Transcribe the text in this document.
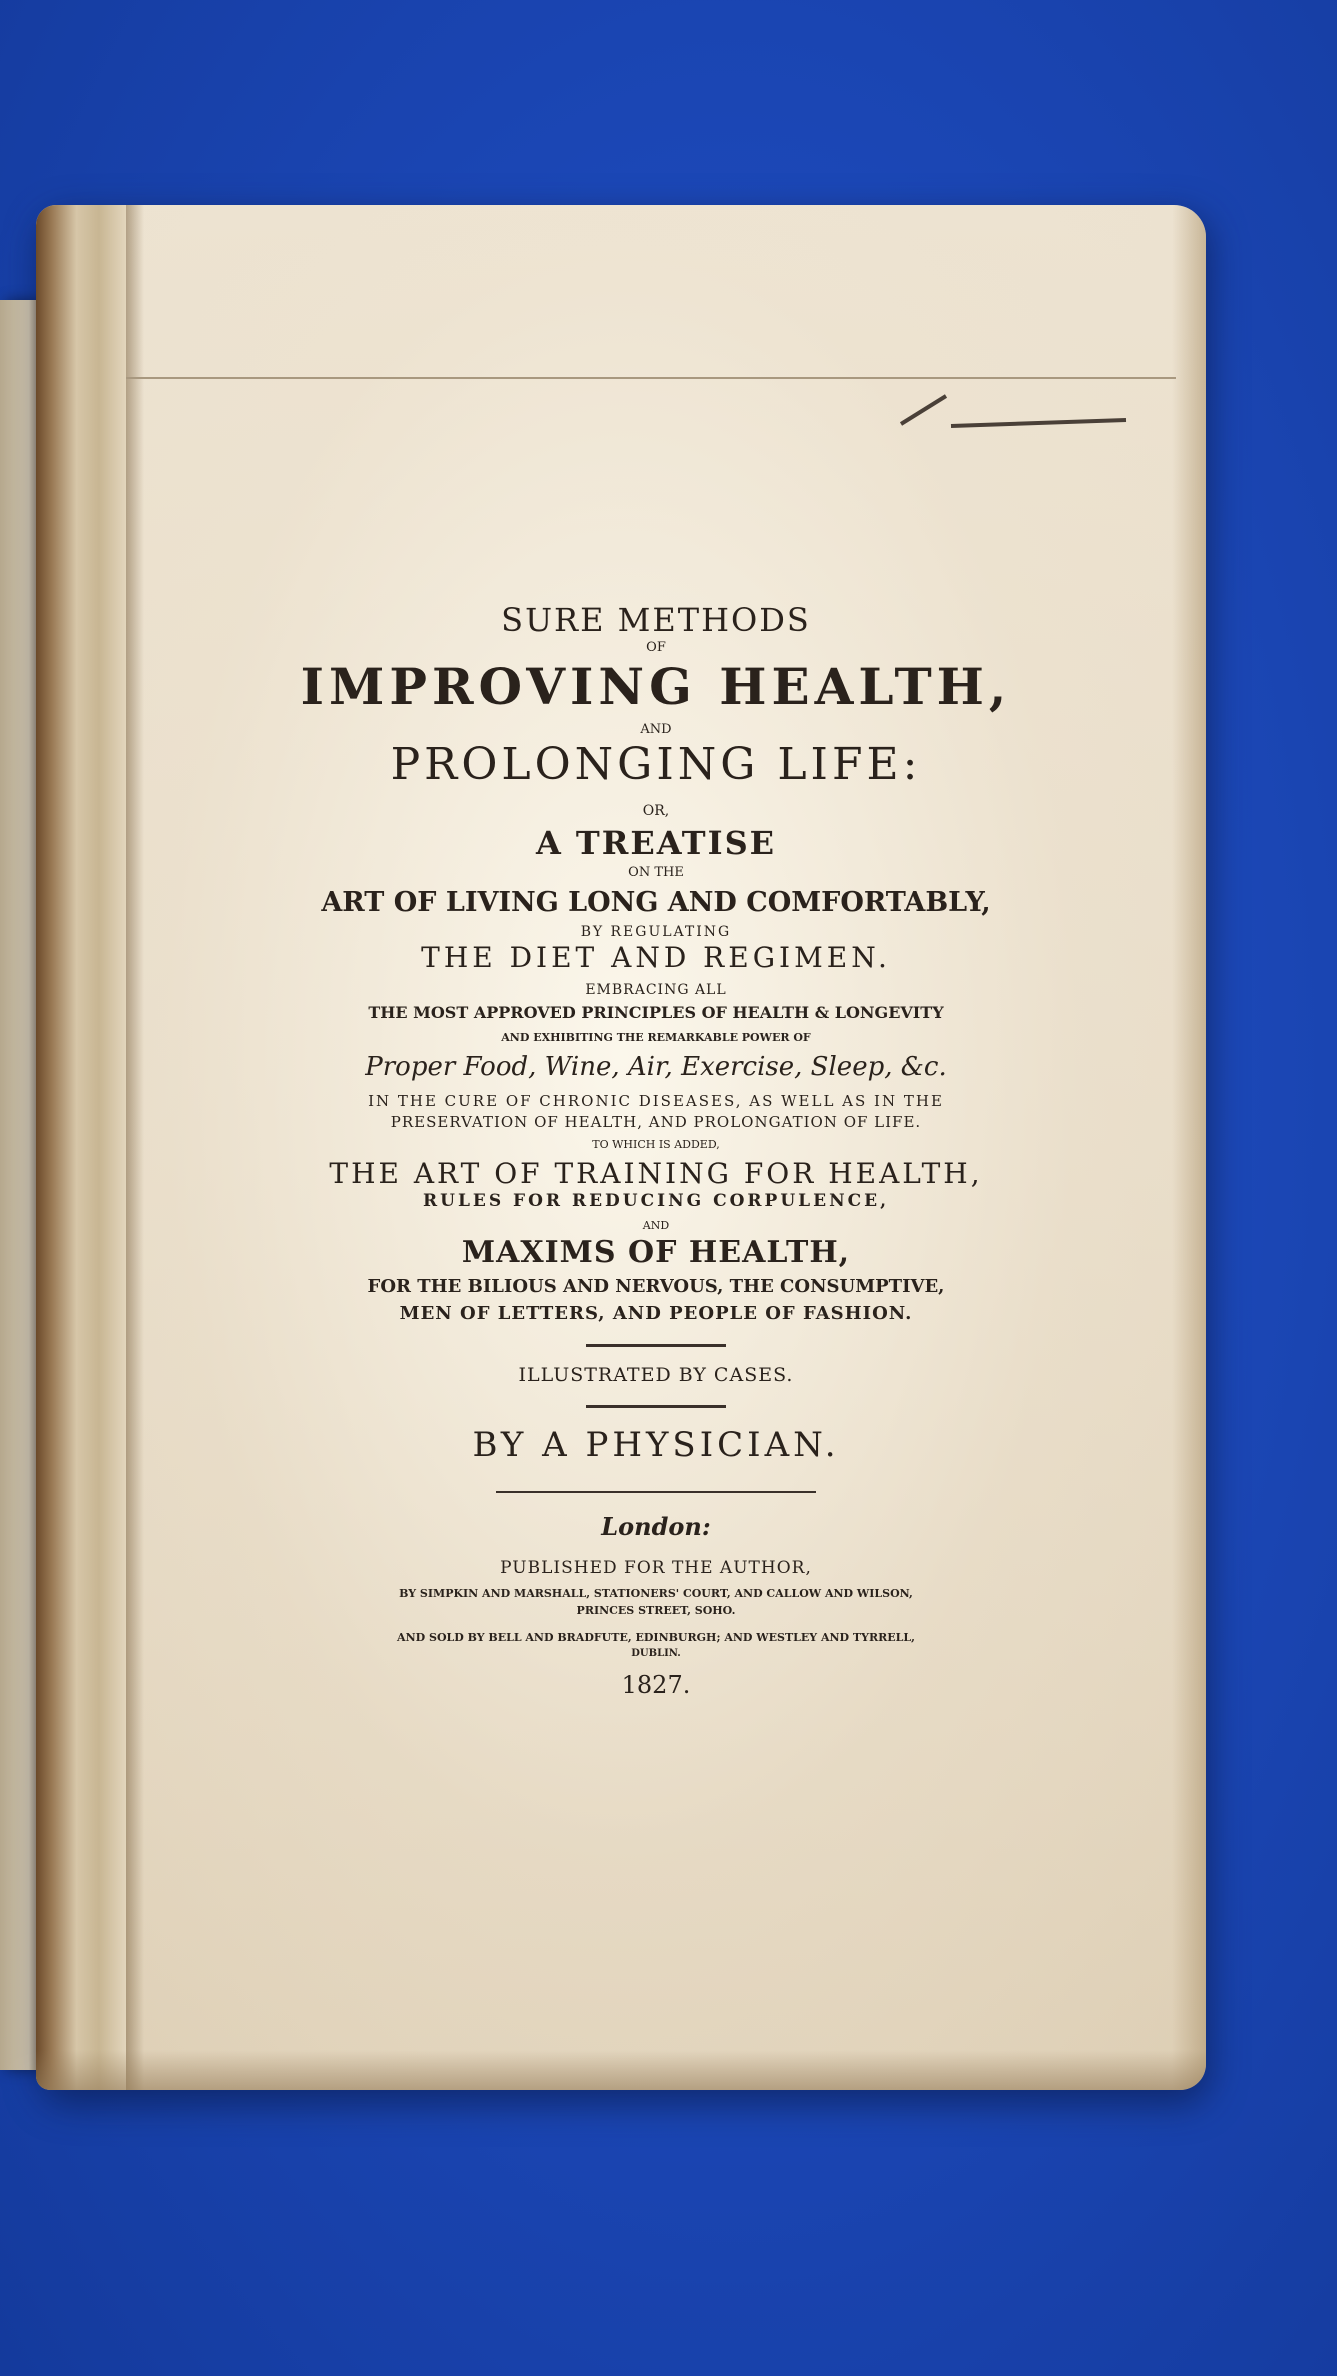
SURE METHODS
OF
IMPROVING HEALTH,
AND
PROLONGING LIFE:
OR,
A TREATISE
ON THE
ART OF LIVING LONG AND COMFORTABLY,
BY REGULATING
THE DIET AND REGIMEN.
EMBRACING ALL
THE MOST APPROVED PRINCIPLES OF HEALTH & LONGEVITY
AND EXHIBITING THE REMARKABLE POWER OF
Proper Food, Wine, Air, Exercise, Sleep, &c.
IN THE CURE OF CHRONIC DISEASES, AS WELL AS IN THE
PRESERVATION OF HEALTH, AND PROLONGATION OF LIFE.
TO WHICH IS ADDED,
THE ART OF TRAINING FOR HEALTH,
RULES FOR REDUCING CORPULENCE,
AND
MAXIMS OF HEALTH,
FOR THE BILIOUS AND NERVOUS, THE CONSUMPTIVE,
MEN OF LETTERS, AND PEOPLE OF FASHION.
ILLUSTRATED BY CASES.
BY A PHYSICIAN.
London:
PUBLISHED FOR THE AUTHOR,
BY SIMPKIN AND MARSHALL, STATIONERS' COURT, AND CALLOW AND WILSON,
PRINCES STREET, SOHO.
AND SOLD BY BELL AND BRADFUTE, EDINBURGH; AND WESTLEY AND TYRRELL,
DUBLIN.
1827.
